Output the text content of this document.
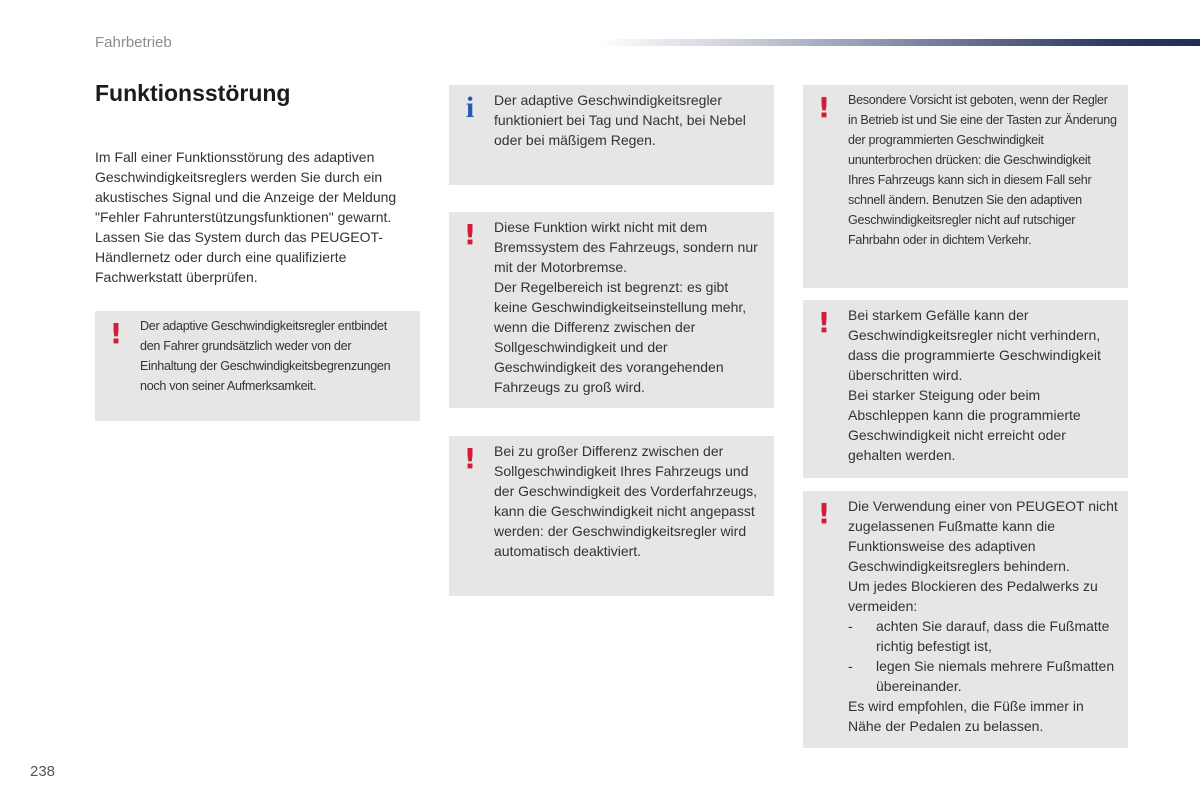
Fahrbetrieb
Funktionsstörung

Im Fall einer Funktionsstörung des adaptiven Geschwindigkeitsreglers werden Sie durch ein akustisches Signal und die Anzeige der Meldung "Fehler Fahrunterstützungsfunktionen" gewarnt. Lassen Sie das System durch das PEUGEOT-Händlernetz oder durch eine qualifizierte Fachwerkstatt überprüfen.

! Der adaptive Geschwindigkeitsregler entbindet den Fahrer grundsätzlich weder von der Einhaltung der Geschwindigkeitsbegrenzungen noch von seiner Aufmerksamkeit.
i	Der adaptive Geschwindigkeitsregler funktioniert bei Tag und Nacht, bei Nebel oder bei mäßigem Regen.
! Diese Funktion wirkt nicht mit dem Bremssystem des Fahrzeugs, sondern nur mit der Motorbremse.

Der Regelbereich ist begrenzt: es gibt keine Geschwindigkeitseinstellung mehr, wenn die Differenz zwischen der Sollgeschwindigkeit und der Geschwindigkeit des vorangehenden Fahrzeugs zu groß wird.

! Bei zu großer Differenz zwischen der Sollgeschwindigkeit Ihres Fahrzeugs und der Geschwindigkeit des Vorderfahrzeugs, kann die Geschwindigkeit nicht angepasst werden: der Geschwindigkeitsregler wird automatisch deaktiviert.
! Besondere Vorsicht ist geboten, wenn der Regler in Betrieb ist und Sie eine der Tasten zur Änderung der programmierten Geschwindigkeit ununterbrochen drücken: die Geschwindigkeit Ihres Fahrzeugs kann sich in diesem Fall sehr schnell ändern. Benutzen Sie den adaptiven Geschwindigkeitsregler nicht auf rutschiger Fahrbahn oder in dichtem Verkehr.
! Bei starkem Gefälle kann der Geschwindigkeitsregler nicht verhindern, dass die programmierte Geschwindigkeit überschritten wird.

Bei starker Steigung oder beim Abschleppen kann die programmierte Geschwindigkeit nicht erreicht oder gehalten werden.

! Die Verwendung einer von PEUGEOT nicht zugelassenen Fußmatte kann die Funktionsweise des adaptiven Geschwindigkeitsreglers behindern.

Um jedes Blockieren des Pedalwerks zu vermeiden:

-	achten Sie darauf, dass die Fußmatte richtig befestigt ist,
-	legen Sie niemals mehrere Fußmatten übereinander.

Es wird empfohlen, die Füße immer in Nähe der Pedalen zu belassen.

238
